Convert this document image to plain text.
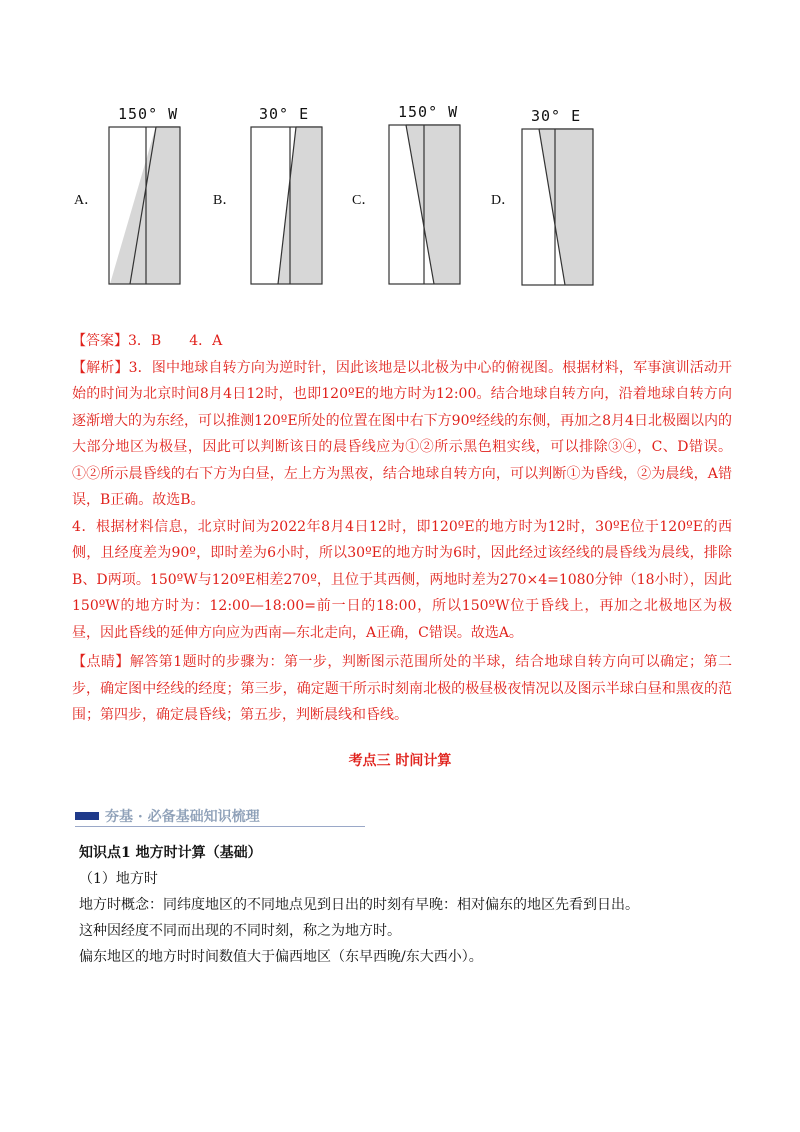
A．
150° W
B．
30° E
C．
150° W
D．
30° E

【答案】3．B　　4．A

【解析】3．图中地球自转方向为逆时针，因此该地是以北极为中心的俯视图。根据材料，军事演训活动开始的时间为北京时间8月4日12时，也即120ºE的地方时为12:00。结合地球自转方向，沿着地球自转方向逐渐增大的为东经，可以推测120ºE所处的位置在图中右下方90º经线的东侧，再加之8月4日北极圈以内的大部分地区为极昼，因此可以判断该日的晨昏线应为①②所示黑色粗实线，可以排除③④，C、D错误。①②所示晨昏线的右下方为白昼，左上方为黑夜，结合地球自转方向，可以判断①为昏线，②为晨线，A错误，B正确。故选B。

4．根据材料信息，北京时间为2022年8月4日12时，即120ºE的地方时为12时，30ºE位于120ºE的西侧，且经度差为90º，即时差为6小时，所以30ºE的地方时为6时，因此经过该经线的晨昏线为晨线，排除B、D两项。150ºW与120ºE相差270º，且位于其西侧，两地时差为270×4=1080分钟（18小时），因此150ºW的地方时为：12:00—18:00=前一日的18:00，所以150ºW位于昏线上，再加之北极地区为极昼，因此昏线的延伸方向应为西南—东北走向，A正确，C错误。故选A。

【点睛】解答第1题时的步骤为：第一步，判断图示范围所处的半球，结合地球自转方向可以确定；第二步，确定图中经线的经度；第三步，确定题干所示时刻南北极的极昼极夜情况以及图示半球白昼和黑夜的范围；第四步，确定晨昏线；第五步，判断晨线和昏线。

考点三 时间计算
夯基 · 必备基础知识梳理
知识点1 地方时计算（基础）
（1）地方时
地方时概念：同纬度地区的不同地点见到日出的时刻有早晚：相对偏东的地区先看到日出。
这种因经度不同而出现的不同时刻，称之为地方时。
偏东地区的地方时时间数值大于偏西地区（东早西晚/东大西小）。
